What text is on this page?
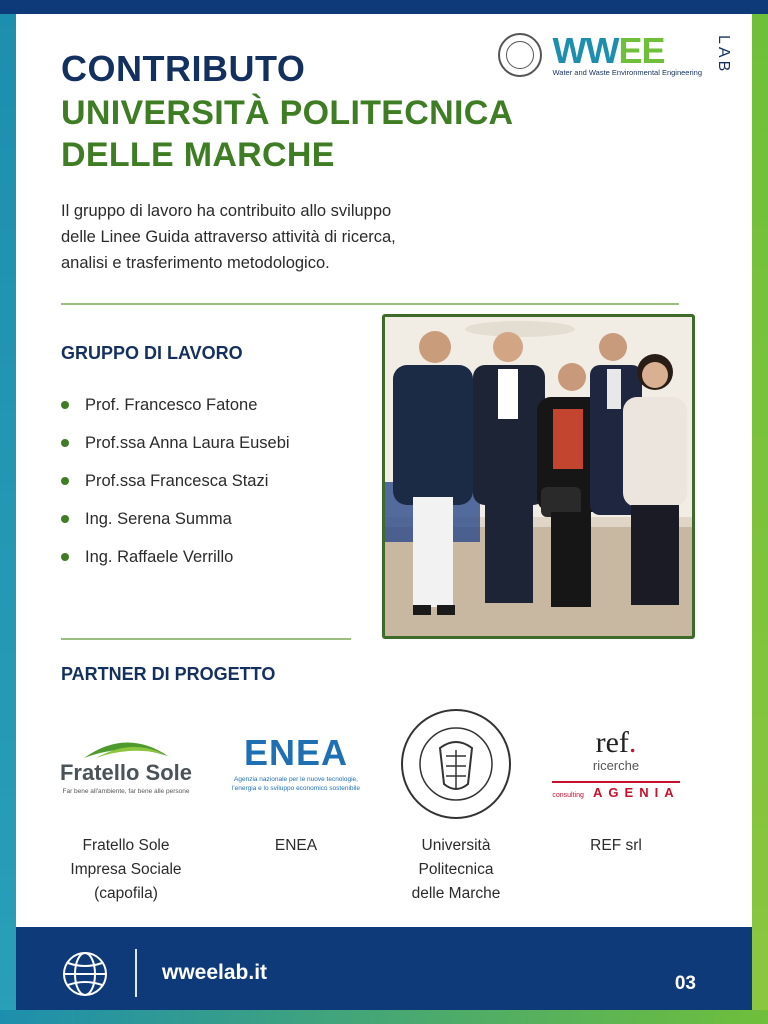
CONTRIBUTO
UNIVERSITÀ POLITECNICA
DELLE MARCHE
WWEE
Water and Waste Environmental Engineering LAB
Il gruppo di lavoro ha contribuito allo sviluppo
delle Linee Guida attraverso attività di ricerca,
analisi e trasferimento metodologico.
GRUPPO DI LAVORO
Prof. Francesco Fatone
Prof.ssa Anna Laura Eusebi
Prof.ssa Francesca Stazi
Ing. Serena Summa
Ing. Raffaele Verrillo
PARTNER DI PROGETTO
Fratello Sole
Far bene all'ambiente, far bene alle persone
Fratello Sole
Impresa Sociale
(capofila)
ENEA
Agenzia nazionale per le nuove tecnologie,
l'energia e lo sviluppo economico sostenibile
ENEA	Università
Politecnica
delle Marche
ref.
ricerche
consulting AGENIA
REF srl
wweelab.it	03
